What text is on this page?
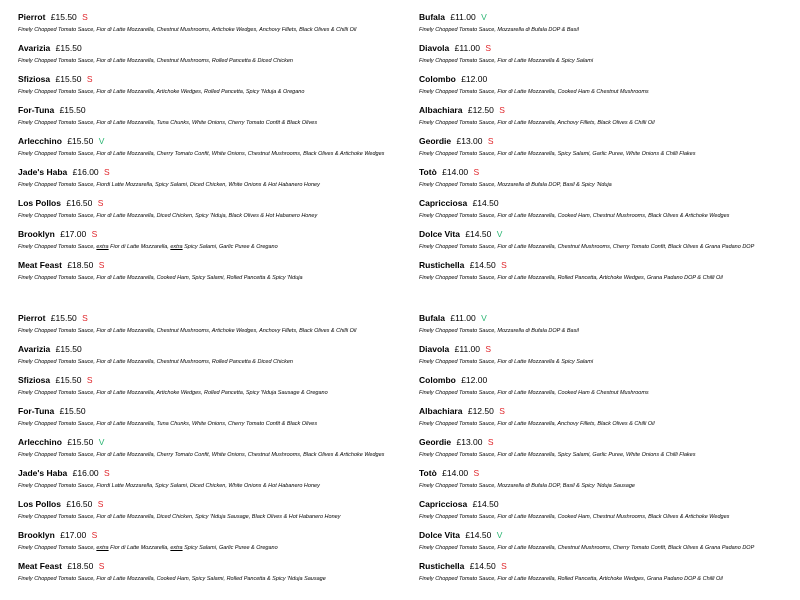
Pierrot £15.50 S
Finely Chopped Tomato Sauce, Fior di Latte Mozzarella, Chestnut Mushrooms, Artichoke Wedges, Anchovy Fillets, Black Olives & Chilli Oil
Avarizia £15.50
Finely Chopped Tomato Sauce, Fior di Latte Mozzarella, Chestnut Mushrooms, Rolled Pancetta & Diced Chicken
Sfiziosa £15.50 S
Finely Chopped Tomato Sauce, Fior di Latte Mozzarella, Artichoke Wedges, Rolled Pancetta, Spicy 'Nduja & Oregano
For-Tuna £15.50
Finely Chopped Tomato Sauce, Fior di Latte Mozzarella, Tuna Chunks, White Onions, Cherry Tomato Confit & Black Olives
Arlecchino £15.50 V
Finely Chopped Tomato Sauce, Fior di Latte Mozzarella, Cherry Tomato Confit, White Onions, Chestnut Mushrooms, Black Olives & Artichoke Wedges
Jade's Haba £16.00 S
Finely Chopped Tomato Sauce, Fiordi Latte Mozzarella, Spicy Salami, Diced Chicken, White Onions & Hot Habanero Honey
Los Pollos £16.50 S
Finely Chopped Tomato Sauce, Fior di Latte Mozzarella, Diced Chicken, Spicy 'Nduja, Black Olives & Hot Habanero Honey
Brooklyn £17.00 S
Finely Chopped Tomato Sauce, extra Fior di Latte Mozzarella, extra Spicy Salami, Garlic Puree & Oregano
Meat Feast £18.50 S
Finely Chopped Tomato Sauce, Fior di Latte Mozzarella, Cooked Ham, Spicy Salami, Rolled Pancetta & Spicy 'Nduja
Bufala £11.00 V
Finely Chopped Tomato Sauce, Mozzarella di Bufala DOP & Basil
Diavola £11.00 S
Finely Chopped Tomato Sauce, Fior di Latte Mozzarella & Spicy Salami
Colombo £12.00
Finely Chopped Tomato Sauce, Fior di Latte Mozzarella, Cooked Ham & Chestnut Mushrooms
Albachiara £12.50 S
Finely Chopped Tomato Sauce, Fior di Latte Mozzarella, Anchovy Fillets, Black Olives & Chilli Oil
Geordie £13.00 S
Finely Chopped Tomato Sauce, Fior di Latte Mozzarella, Spicy Salami, Garlic Puree, White Onions & Chilli Flakes
Totò £14.00 S
Finely Chopped Tomato Sauce, Mozzarella di Bufala DOP, Basil & Spicy 'Nduja
Capricciosa £14.50
Finely Chopped Tomato Sauce, Fior di Latte Mozzarella, Cooked Ham, Chestnut Mushrooms, Black Olives & Artichoke Wedges
Dolce Vita £14.50 V
Finely Chopped Tomato Sauce, Fior di Latte Mozzarella, Chestnut Mushrooms, Cherry Tomato Confit, Black Olives & Grana Padano DOP
Rustichella £14.50 S
Finely Chopped Tomato Sauce, Fior di Latte Mozzarella, Rolled Pancetta, Artichoke Wedges, Grana Padano DOP & Chilli Oil
Pierrot £15.50 S
Finely Chopped Tomato Sauce, Fior di Latte Mozzarella, Chestnut Mushrooms, Artichoke Wedges, Anchovy Fillets, Black Olives & Chilli Oil
Avarizia £15.50
Finely Chopped Tomato Sauce, Fior di Latte Mozzarella, Chestnut Mushrooms, Rolled Pancetta & Diced Chicken
Sfiziosa £15.50 S
Finely Chopped Tomato Sauce, Fior di Latte Mozzarella, Artichoke Wedges, Rolled Pancetta, Spicy 'Nduja Sausage & Oregano
For-Tuna £15.50
Finely Chopped Tomato Sauce, Fior di Latte Mozzarella, Tuna Chunks, White Onions, Cherry Tomato Confit & Black Olives
Arlecchino £15.50 V
Finely Chopped Tomato Sauce, Fior di Latte Mozzarella, Cherry Tomato Confit, White Onions, Chestnut Mushrooms, Black Olives & Artichoke Wedges
Jade's Haba £16.00 S
Finely Chopped Tomato Sauce, Fiordi Latte Mozzarella, Spicy Salami, Diced Chicken, White Onions & Hot Habanero Honey
Los Pollos £16.50 S
Finely Chopped Tomato Sauce, Fior di Latte Mozzarella, Diced Chicken, Spicy 'Nduja Sausage, Black Olives & Hot Habanero Honey
Brooklyn £17.00 S
Finely Chopped Tomato Sauce, extra Fior di Latte Mozzarella, extra Spicy Salami, Garlic Puree & Oregano
Meat Feast £18.50 S
Finely Chopped Tomato Sauce, Fior di Latte Mozzarella, Cooked Ham, Spicy Salami, Rolled Pancetta & Spicy 'Nduja Sausage
Bufala £11.00 V
Finely Chopped Tomato Sauce, Mozzarella di Bufala DOP & Basil
Diavola £11.00 S
Finely Chopped Tomato Sauce, Fior di Latte Mozzarella & Spicy Salami
Colombo £12.00
Finely Chopped Tomato Sauce, Fior di Latte Mozzarella, Cooked Ham & Chestnut Mushrooms
Albachiara £12.50 S
Finely Chopped Tomato Sauce, Fior di Latte Mozzarella, Anchovy Fillets, Black Olives & Chilli Oil
Geordie £13.00 S
Finely Chopped Tomato Sauce, Fior di Latte Mozzarella, Spicy Salami, Garlic Puree, White Onions & Chilli Flakes
Totò £14.00 S
Finely Chopped Tomato Sauce, Mozzarella di Bufala DOP, Basil & Spicy 'Nduja Sausage
Capricciosa £14.50
Finely Chopped Tomato Sauce, Fior di Latte Mozzarella, Cooked Ham, Chestnut Mushrooms, Black Olives & Artichoke Wedges
Dolce Vita £14.50 V
Finely Chopped Tomato Sauce, Fior di Latte Mozzarella, Chestnut Mushrooms, Cherry Tomato Confit, Black Olives & Grana Padano DOP
Rustichella £14.50 S
Finely Chopped Tomato Sauce, Fior di Latte Mozzarella, Rolled Pancetta, Artichoke Wedges, Grana Padano DOP & Chilli Oil
